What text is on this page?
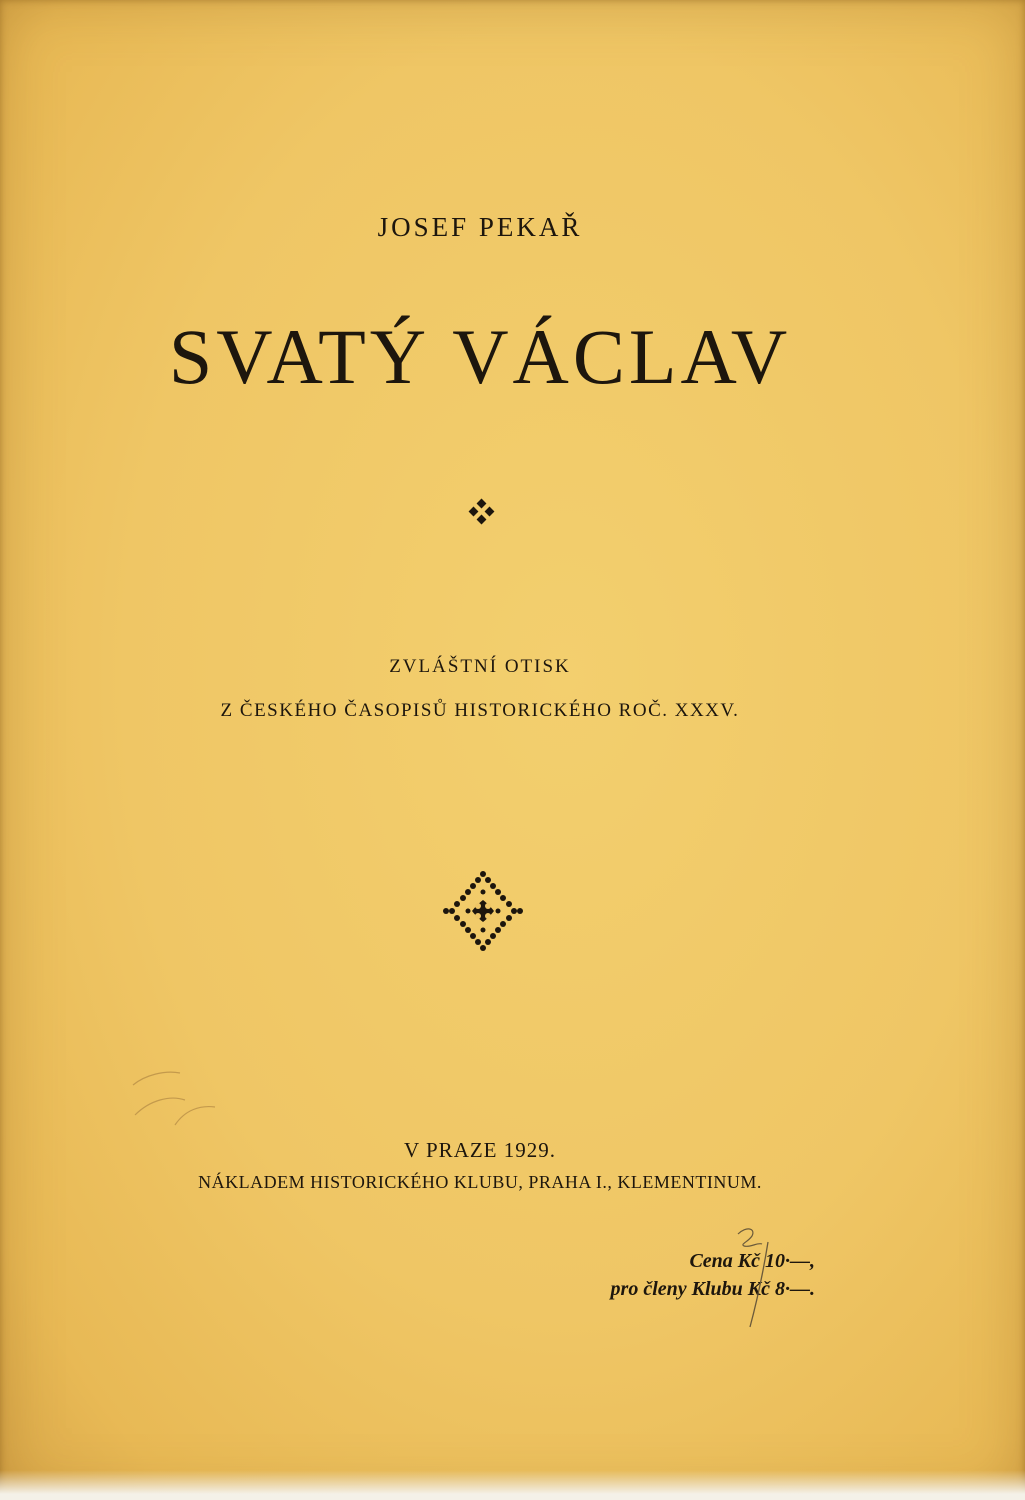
JOSEF PEKAŘ
SVATÝ VÁCLAV
ZVLÁŠTNÍ OTISK
Z ČESKÉHO ČASOPISŮ HISTORICKÉHO ROČ. XXXV.
V PRAZE 1929.
NÁKLADEM HISTORICKÉHO KLUBU, PRAHA I., KLEMENTINUM.
Cena Kč 10·—,
pro členy Klubu Kč 8·—.
